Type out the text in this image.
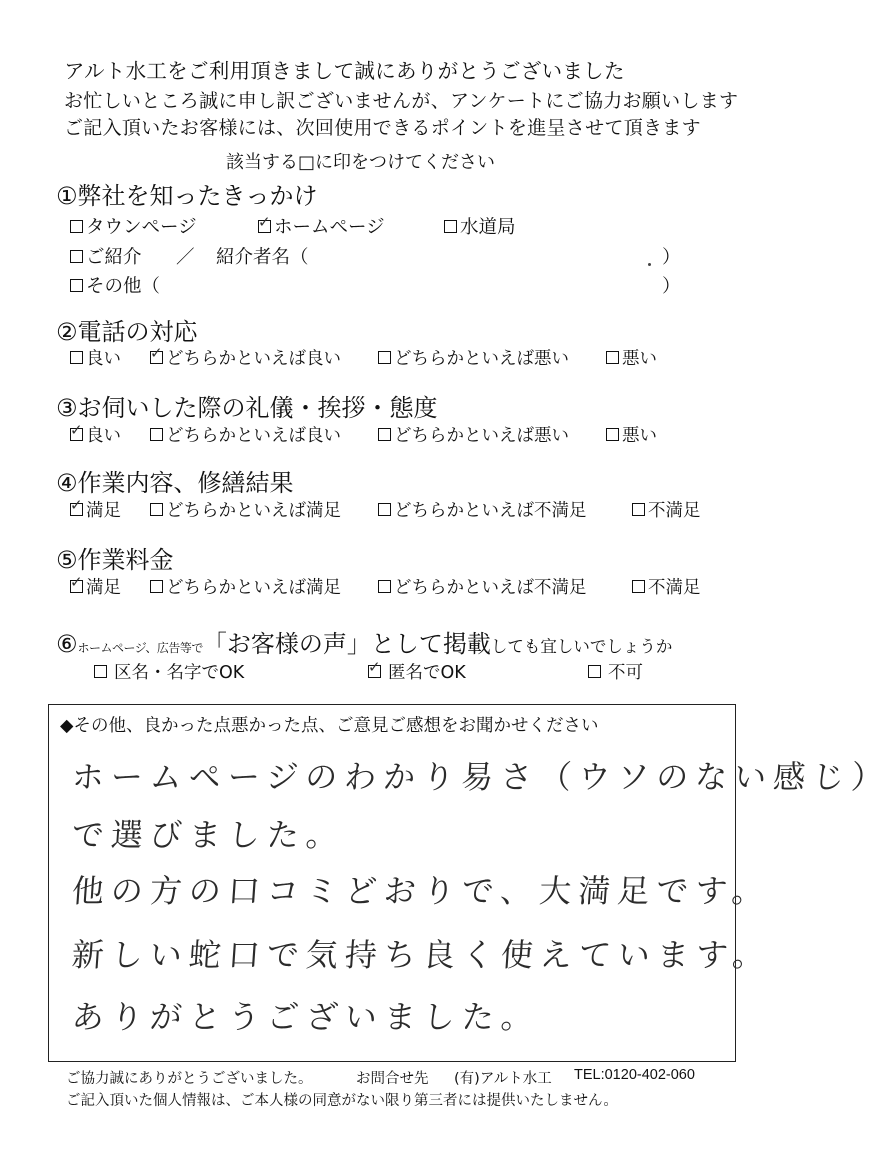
アルト水工をご利用頂きまして誠にありがとうございました
お忙しいところ誠に申し訳ございませんが、アンケートにご協力お願いします
ご記入頂いたお客様には、次回使用できるポイントを進呈させて頂きます
該当する□に印をつけてください
①弊社を知ったきっかけ
タウンページ	✓ ホームページ	水道局
ご紹介 ／ 紹介者名（	）
その他（	）
②電話の対応
良い ✓ どちらかといえば良い	どちらかといえば悪い	悪い
③お伺いした際の礼儀・挨拶・態度
✓ 良い	どちらかといえば良い	どちらかといえば悪い	悪い
④作業内容、修繕結果
✓ 満足	どちらかといえば満足	どちらかといえば不満足	不満足
⑤作業料金
✓ 満足	どちらかといえば満足	どちらかといえば不満足	不満足
⑥ ホームページ、広告等で 「お客様の声」として掲載 しても宜しいでしょうか
区名・名字でOK	✓ 匿名でOK	不可
◆その他、良かった点悪かった点、ご意見ご感想をお聞かせください
ホームページのわかり易さ（ウソのない感じ）
で選びました。
他の方の口コミどおりで、大満足です。
新しい蛇口で気持ち良く使えています。
ありがとうございました。
ご協力誠にありがとうございました。	お問合せ先 (有)アルト水工 TEL:0120-402-060
ご記入頂いた個人情報は、ご本人様の同意がない限り第三者には提供いたしません。
